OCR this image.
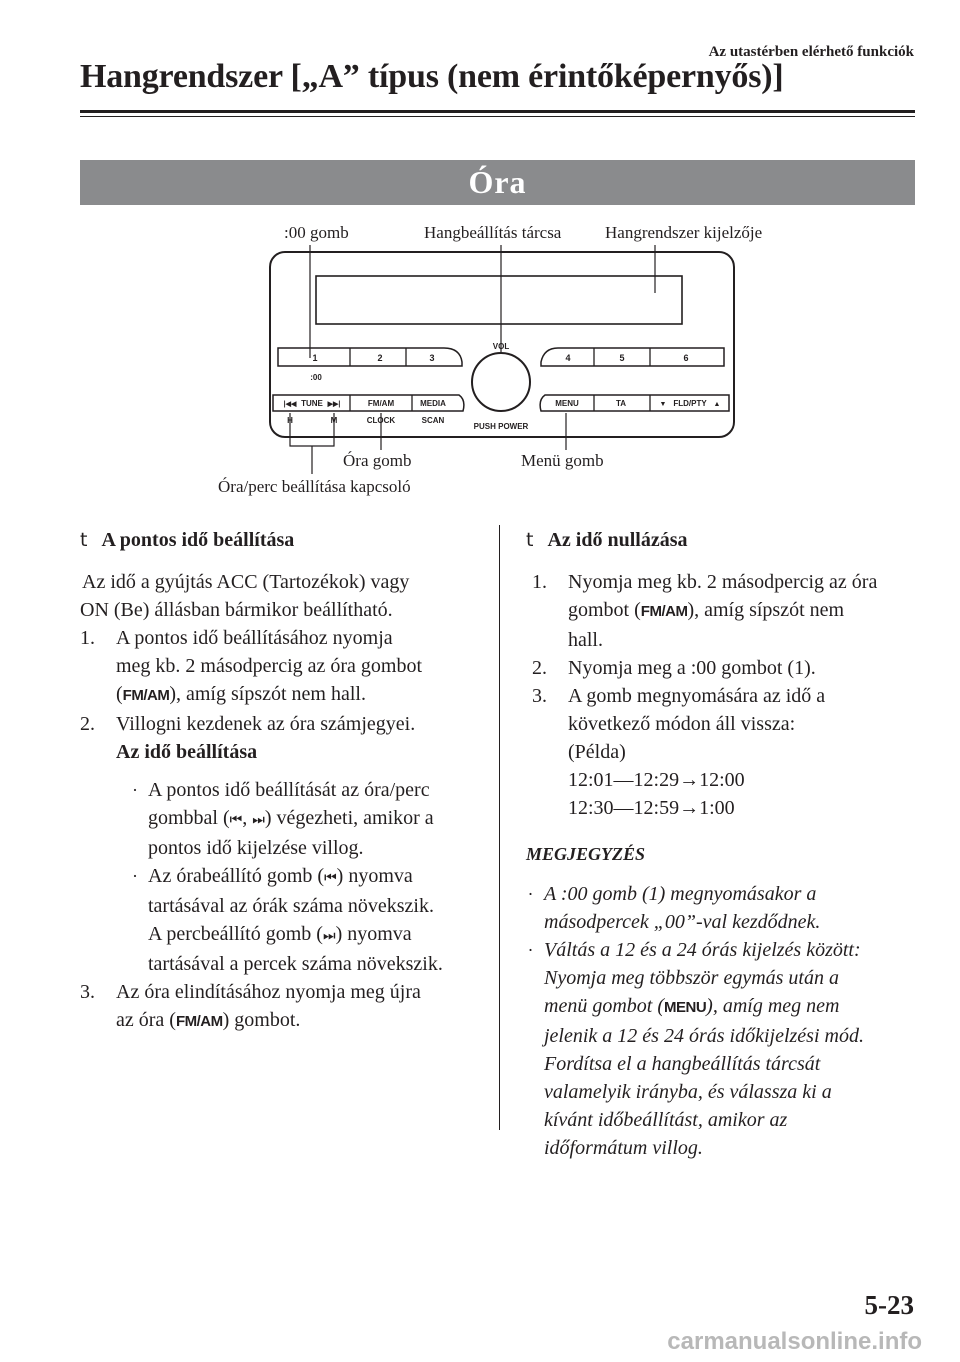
Az utastérben elérhető funkciók
Hangrendszer [„A” típus (nem érintőképernyős)]
Óra
:00 gomb	Hangbeállítás tárcsa	Hangrendszer kijelzője
Óra gomb	Menü gomb
Óra/perc beállítása kapcsoló
1	2	3	4	5	6
:00
VOL
TUNE
|◀◀	▶▶|	FM/AM	MEDIA	MENU	TA	FLD/PTY
▼	▲
H	M	CLOCK	SCAN
PUSH POWER

t A pontos idő beállítása

Az idő a gyújtás ACC (Tartozékok) vagy

ON (Be) állásban bármikor beállítható.

1.	A pontos idő beállításához nyomja

meg kb. 2 másodpercig az óra gombot

(FM/AM), amíg sípszót nem hall.

2.	Villogni kezdenek az óra számjegyei.

Az idő beállítása

· A pontos idő beállítását az óra/perc

gombbal (⏮, ⏭) végezheti, amikor a

pontos idő kijelzése villog.

· Az órabeállító gomb (⏮) nyomva

tartásával az órák száma növekszik.

A percbeállító gomb (⏭) nyomva

tartásával a percek száma növekszik.

3.	Az óra elindításához nyomja meg újra

az óra (FM/AM) gombot.

t Az idő nullázása

1.	Nyomja meg kb. 2 másodpercig az óra

gombot (FM/AM), amíg sípszót nem

hall.

2.	Nyomja meg a :00 gombot (1).
3.	A gomb megnyomására az idő a

következő módon áll vissza:

(Példa)

12:01―12:29→12:00

12:30―12:59→1:00

MEGJEGYZÉS

· A :00 gomb (1) megnyomásakor a

másodpercek „00”-val kezdődnek.

· Váltás a 12 és a 24 órás kijelzés között:

Nyomja meg többször egymás után a

menü gombot (MENU), amíg meg nem

jelenik a 12 és 24 órás időkijelzési mód.

Fordítsa el a hangbeállítás tárcsát

valamelyik irányba, és válassza ki a

kívánt időbeállítást, amikor az

időformátum villog.

5-23
carmanualsonline.info
